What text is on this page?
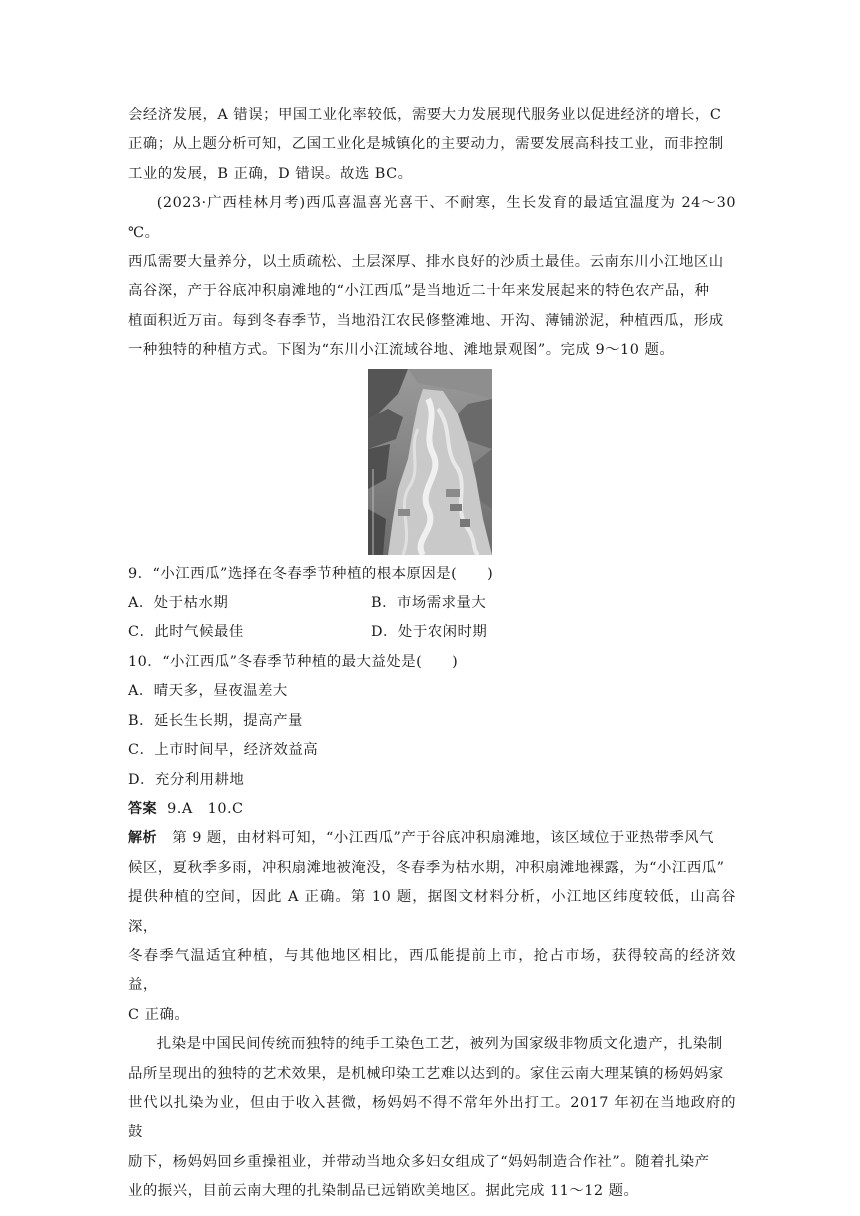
会经济发展，A 错误；甲国工业化率较低，需要大力发展现代服务业以促进经济的增长，C

正确；从上题分析可知，乙国工业化是城镇化的主要动力，需要发展高科技工业，而非控制

工业的发展，B 正确，D 错误。故选 BC。

(2023·广西桂林月考)西瓜喜温喜光喜干、不耐寒，生长发育的最适宜温度为 24～30 ℃。

西瓜需要大量养分，以土质疏松、土层深厚、排水良好的沙质土最佳。云南东川小江地区山

高谷深，产于谷底冲积扇滩地的“小江西瓜”是当地近二十年来发展起来的特色农产品，种

植面积近万亩。每到冬春季节，当地沿江农民修整滩地、开沟、薄铺淤泥，种植西瓜，形成

一种独特的种植方式。下图为“东川小江流域谷地、滩地景观图”。完成 9～10 题。

9．“小江西瓜”选择在冬春季节种植的根本原因是(　　)

A．处于枯水期	B．市场需求量大
C．此时气候最佳	D．处于农闲时期

10．“小江西瓜”冬春季节种植的最大益处是(　　)

A．晴天多，昼夜温差大

B．延长生长期，提高产量

C．上市时间早，经济效益高

D．充分利用耕地

答案 9.A　10.C

解析 第 9 题，由材料可知，“小江西瓜”产于谷底冲积扇滩地，该区域位于亚热带季风气

候区，夏秋季多雨，冲积扇滩地被淹没，冬春季为枯水期，冲积扇滩地裸露，为“小江西瓜”

提供种植的空间，因此 A 正确。第 10 题，据图文材料分析，小江地区纬度较低，山高谷深，

冬春季气温适宜种植，与其他地区相比，西瓜能提前上市，抢占市场，获得较高的经济效益，

C 正确。

扎染是中国民间传统而独特的纯手工染色工艺，被列为国家级非物质文化遗产，扎染制

品所呈现出的独特的艺术效果，是机械印染工艺难以达到的。家住云南大理某镇的杨妈妈家

世代以扎染为业，但由于收入甚微，杨妈妈不得不常年外出打工。2017 年初在当地政府的鼓

励下，杨妈妈回乡重操祖业，并带动当地众多妇女组成了“妈妈制造合作社”。随着扎染产

业的振兴，目前云南大理的扎染制品已远销欧美地区。据此完成 11～12 题。
